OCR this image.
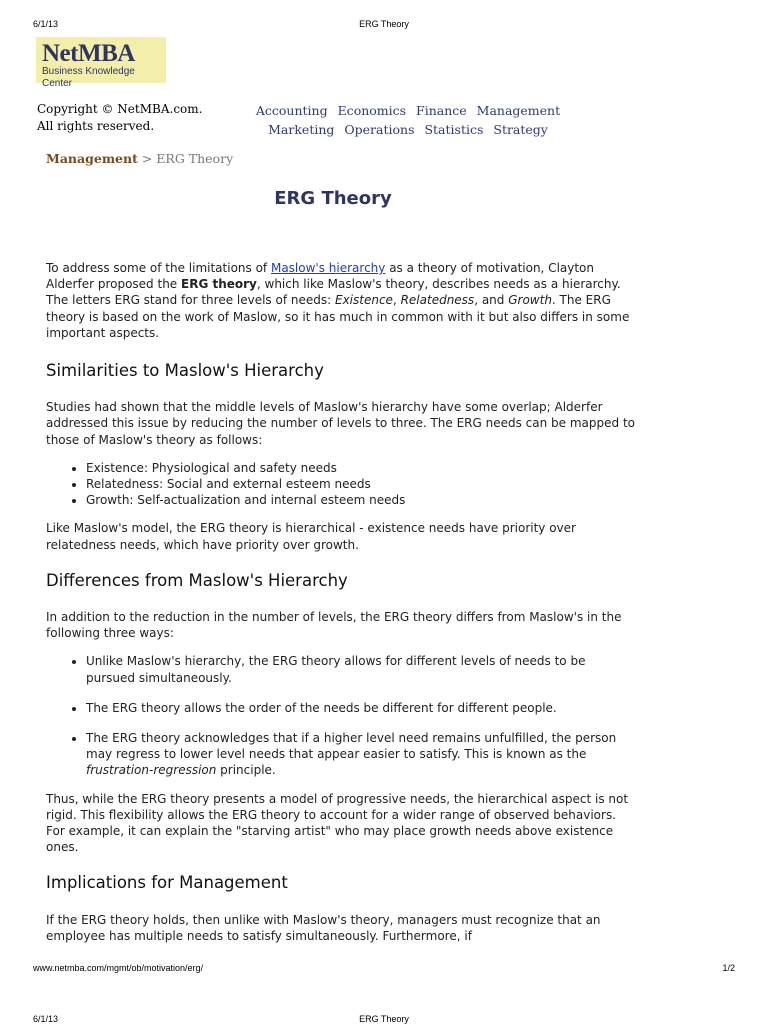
6/1/13	ERG Theory
NetMBA
Business Knowledge Center
Copyright © NetMBA.com.
All rights reserved.
Accounting Economics Finance Management
Marketing Operations Statistics Strategy
Management > ERG Theory
ERG Theory

To address some of the limitations of Maslow's hierarchy as a theory of motivation, Clayton Alderfer proposed the ERG theory, which like Maslow's theory, describes needs as a hierarchy. The letters ERG stand for three levels of needs: Existence, Relatedness, and Growth. The ERG theory is based on the work of Maslow, so it has much in common with it but also differs in some important aspects.

Similarities to Maslow's Hierarchy

Studies had shown that the middle levels of Maslow's hierarchy have some overlap; Alderfer addressed this issue by reducing the number of levels to three. The ERG needs can be mapped to those of Maslow's theory as follows:

• Existence: Physiological and safety needs
• Relatedness: Social and external esteem needs
• Growth: Self-actualization and internal esteem needs

Like Maslow's model, the ERG theory is hierarchical - existence needs have priority over relatedness needs, which have priority over growth.

Differences from Maslow's Hierarchy

In addition to the reduction in the number of levels, the ERG theory differs from Maslow's in the following three ways:

• Unlike Maslow's hierarchy, the ERG theory allows for different levels of needs to be pursued simultaneously.
• The ERG theory allows the order of the needs be different for different people.
• The ERG theory acknowledges that if a higher level need remains unfulfilled, the person may regress to lower level needs that appear easier to satisfy. This is known as the frustration-regression principle.

Thus, while the ERG theory presents a model of progressive needs, the hierarchical aspect is not rigid. This flexibility allows the ERG theory to account for a wider range of observed behaviors. For example, it can explain the "starving artist" who may place growth needs above existence ones.

Implications for Management

If the ERG theory holds, then unlike with Maslow's theory, managers must recognize that an employee has multiple needs to satisfy simultaneously. Furthermore, if

www.netmba.com/mgmt/ob/motivation/erg/	1/2
6/1/13	ERG Theory
